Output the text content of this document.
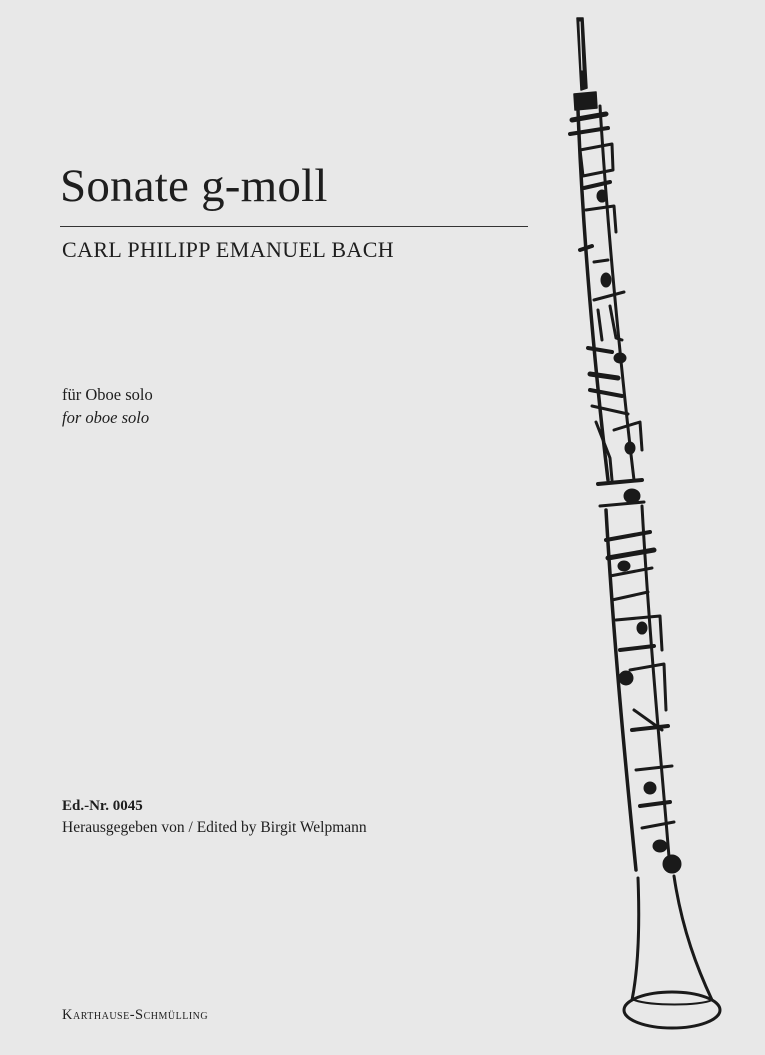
Sonate g-moll
CARL PHILIPP EMANUEL BACH
für Oboe solo
for oboe solo
Ed.-Nr. 0045
Herausgegeben von / Edited by Birgit Welpmann
Karthause-Schmülling
